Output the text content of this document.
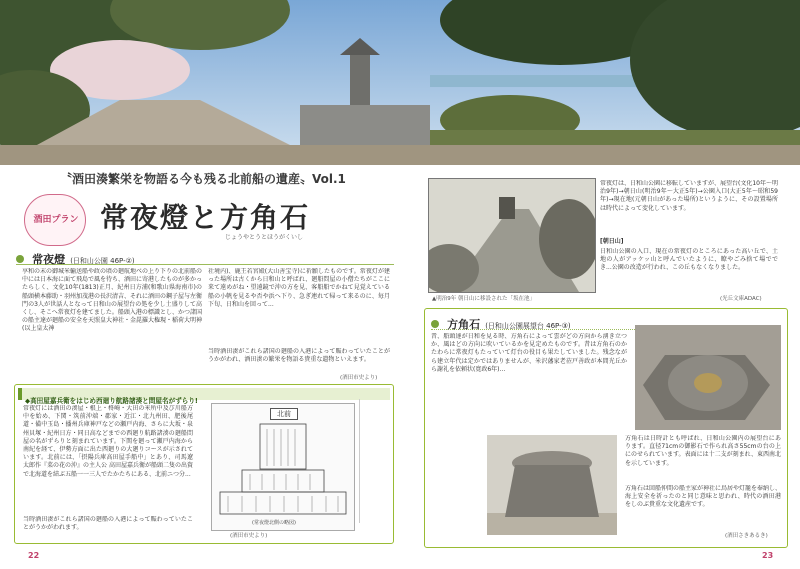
〝酒田湊繁栄を物語る今も残る北前船の遺産〟Vol.1
酒田プラン 常夜燈と方角石
じょうやとうとほうがくいし
常夜燈 (日和山公園 46P-②)
享和の末の御城米輸送船や政の頃の廻航地べの上り下りの北前船の中には日本海に面て飛島で風を待ち、酒田に寄港したものが多かったらしく、文化10年(1813)正月、紀州日方浦(和歌山県海南市)の船頭横本藤助・羽州加茂港の長沢清吉、それに酒田の鋼子屋与左衛門の3人が世話人となって日和山の展望台の処を少し土盛りして高くし、そこへ常夜灯を建てました。船頭入港の標識とし、かつ諸国の船主達が廻船の安全を天照皇大神社・金毘羅大権現・稲荷大明神(以上皇太神
社境内)、鹿王若宮殿(大山善宝寺)に祈願したものです。常夜灯が建った場所は古くから日和山と呼ばれ、廻船問屋の小僧たちがここに来て遠めがね・望遠鏡で沖の方を見、客船船でかねて見覚えている船の小帆を見るや否や浜へ下り、急ぎ連れて帰って来るのに、毎月下旬、日和山を回って...
当時酒田湊がこれら諸国の廻船の入港によって賑わっていたことがうかがわれ、酒田湊の繁栄を物語る貴重な遺物といえます。
(酒田市史より)
◆高田屋嘉兵衛をはじめ西廻り航路諸湊と問屋名がずらり!
常夜灯には酒田の湊屋・根上・柊崎・大田の米所中及び川船方中を始め、下関・筑前沖端・郡家・近江・北九州田、肥後尾道・備中玉島・播州兵庫神戸などの瀬戸内海、さらに大坂・泉州貝塚・紀州日方・同日高などまでの西廻り航路諸湊の廻船問屋の名がずらりと刻まれています。下関を廻って瀬戸内海から南紀を経て、伊勢方面に出た西廻りの大廻りコースが示されています。北前には、「摂陽兵庫高田屋手船中」とあり、司馬遼太郎作『菜の花の沖』の主人公 高田屋嘉兵衛が船頭二隻の出資で北海道を結ぶ五船一一三人でたかたちにある、北前ニつ分...
当時酒田湊がこれら諸国の廻船の入港によって賑わっていたことがうかがわれます。
(酒田市史より)
北前
(常夜燈北側の略図)
22
▲明治9年 朝日山に移設された「坂在池」
常夜灯は、日和山公園に移転していますが、展望台(文化10年〜明治9年)→朝日山(明治9年〜大正5年)→公園入口(大正5年〜昭和59年)→現在地(元朝日山があった場所)というように、その設置場所は時代によって変化しています。
[朝日山]
日和山公園の入口、現在の常夜灯のところにあった高い丘で、土地の人がアッケッ山と呼んでいたように、瞭やごみ捨て場ででき...公園の改造が行われ、この丘もなくなりました。
(光丘文庫ADAC)
方角石 (日和山公園展望台 46P-③)
昔、船頭達が日和を見る時、方角石によって雲がどの方向から湧き立つか、風はどの方向に吹いているかを見定めたものです。昔は方角石のかたわらに常夜灯もたっていて灯台の役目も果たしていました。残念ながら建立年代は定かではありませんが、米沢藩家老莅戸善政が本間光丘から謝礼を依頼状(寛政6年)...
方角石は日時計とも呼ばれ、日和山公園内の展望台にあります。直径71cmの御影石で作られ高さ55cmの台の上にのせられています。表面には十二支が刻まれ、東西南北を示しています。
方角石は回船仲間の船主家が神社に鳥居や灯籠を奉納し、海上安全を祈ったのと同じ意味と思われ、時代の酒田港をしのぶ貴重な文化遺産です。
(酒田さきあるき)
23
